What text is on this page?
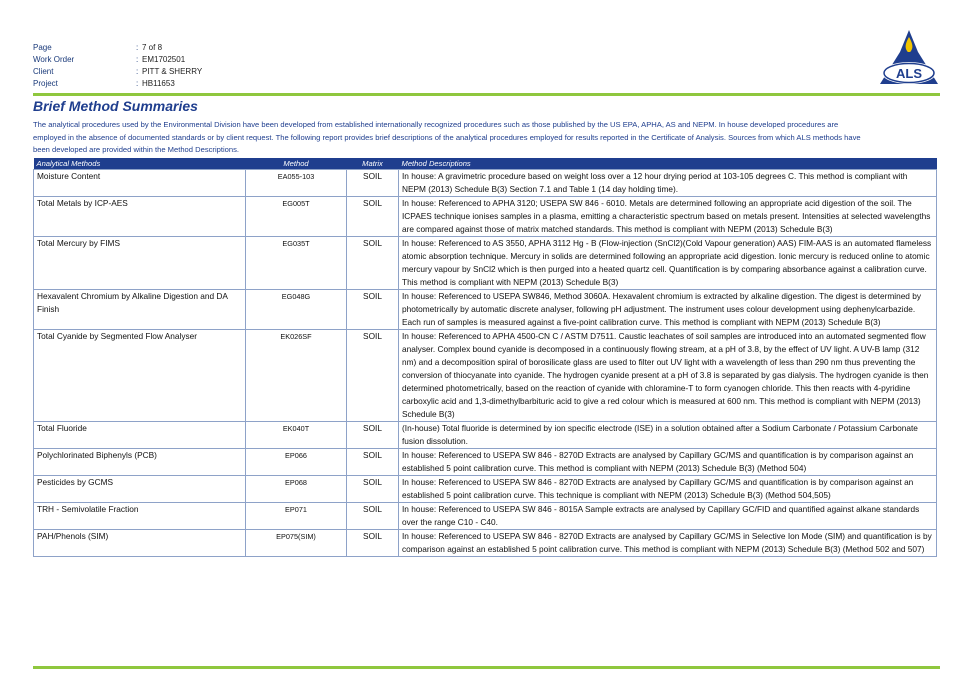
Page	: 7 of 8
Work Order	: EM1702501
Client	: PITT & SHERRY
Project	: HB11653
ALS
Brief Method Summaries
The analytical procedures used by the Environmental Division have been developed from established internationally recognized procedures such as those published by the US EPA, APHA, AS and NEPM. In house developed procedures are employed in the absence of documented standards or by client request. The following report provides brief descriptions of the analytical procedures employed for results reported in the Certificate of Analysis. Sources from which ALS methods have been developed are provided within the Method Descriptions.
Analytical Methods	Method	Matrix	Method Descriptions
Moisture Content	EA055-103	SOIL	In house: A gravimetric procedure based on weight loss over a 12 hour drying period at 103-105 degrees C. This method is compliant with NEPM (2013) Schedule B(3) Section 7.1 and Table 1 (14 day holding time).
Total Metals by ICP-AES	EG005T	SOIL	In house: Referenced to APHA 3120; USEPA SW 846 - 6010. Metals are determined following an appropriate acid digestion of the soil. The ICPAES technique ionises samples in a plasma, emitting a characteristic spectrum based on metals present. Intensities at selected wavelengths are compared against those of matrix matched standards. This method is compliant with NEPM (2013) Schedule B(3)
Total Mercury by FIMS	EG035T	SOIL	In house: Referenced to AS 3550, APHA 3112 Hg - B (Flow-injection (SnCl2)(Cold Vapour generation) AAS) FIM-AAS is an automated flameless atomic absorption technique. Mercury in solids are determined following an appropriate acid digestion. Ionic mercury is reduced online to atomic mercury vapour by SnCl2 which is then purged into a heated quartz cell. Quantification is by comparing absorbance against a calibration curve. This method is compliant with NEPM (2013) Schedule B(3)
Hexavalent Chromium by Alkaline Digestion and DA Finish	EG048G	SOIL	In house: Referenced to USEPA SW846, Method 3060A. Hexavalent chromium is extracted by alkaline digestion. The digest is determined by photometrically by automatic discrete analyser, following pH adjustment. The instrument uses colour development using dephenylcarbazide. Each run of samples is measured against a five-point calibration curve. This method is compliant with NEPM (2013) Schedule B(3)
Total Cyanide by Segmented Flow Analyser	EK026SF	SOIL	In house: Referenced to APHA 4500-CN C / ASTM D7511. Caustic leachates of soil samples are introduced into an automated segmented flow analyser. Complex bound cyanide is decomposed in a continuously flowing stream, at a pH of 3.8, by the effect of UV light. A UV-B lamp (312 nm) and a decomposition spiral of borosilicate glass are used to filter out UV light with a wavelength of less than 290 nm thus preventing the conversion of thiocyanate into cyanide. The hydrogen cyanide present at a pH of 3.8 is separated by gas dialysis. The hydrogen cyanide is then determined photometrically, based on the reaction of cyanide with chloramine-T to form cyanogen chloride. This then reacts with 4-pyridine carboxylic acid and 1,3-dimethylbarbituric acid to give a red colour which is measured at 600 nm. This method is compliant with NEPM (2013) Schedule B(3)
Total Fluoride	EK040T	SOIL	(In-house) Total fluoride is determined by ion specific electrode (ISE) in a solution obtained after a Sodium Carbonate / Potassium Carbonate fusion dissolution.
Polychlorinated Biphenyls (PCB)	EP066	SOIL	In house: Referenced to USEPA SW 846 - 8270D Extracts are analysed by Capillary GC/MS and quantification is by comparison against an established 5 point calibration curve. This method is compliant with NEPM (2013) Schedule B(3) (Method 504)
Pesticides by GCMS	EP068	SOIL	In house: Referenced to USEPA SW 846 - 8270D Extracts are analysed by Capillary GC/MS and quantification is by comparison against an established 5 point calibration curve. This technique is compliant with NEPM (2013) Schedule B(3) (Method 504,505)
TRH - Semivolatile Fraction	EP071	SOIL	In house: Referenced to USEPA SW 846 - 8015A Sample extracts are analysed by Capillary GC/FID and quantified against alkane standards over the range C10 - C40.
PAH/Phenols (SIM)	EP075(SIM)	SOIL	In house: Referenced to USEPA SW 846 - 8270D Extracts are analysed by Capillary GC/MS in Selective Ion Mode (SIM) and quantification is by comparison against an established 5 point calibration curve. This method is compliant with NEPM (2013) Schedule B(3) (Method 502 and 507)
